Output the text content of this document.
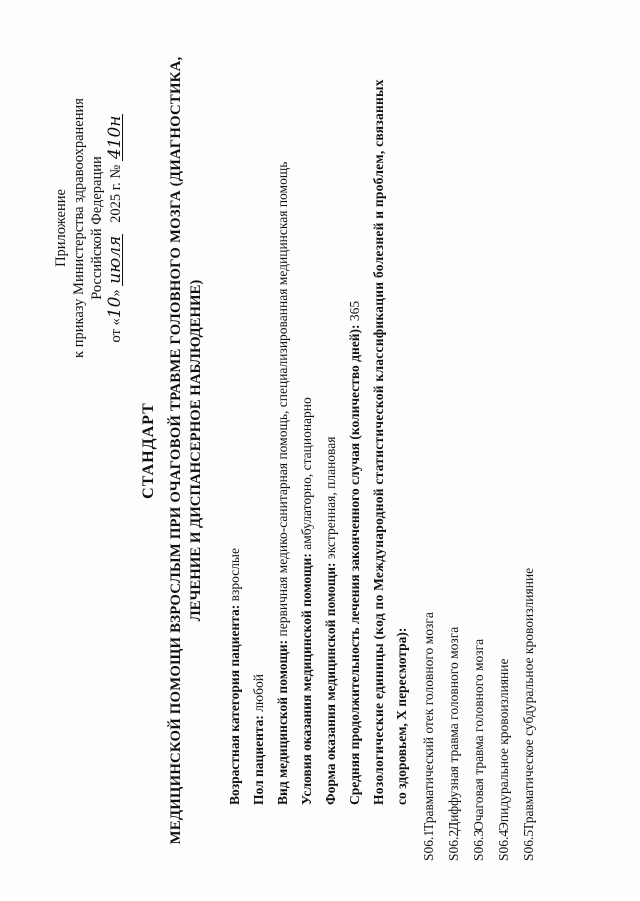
Приложение к приказу Министерства здравоохранения Российской Федерации
от «10» июля   2025 г. № 410н
СТАНДАРТ МЕДИЦИНСКОЙ ПОМОЩИ ВЗРОСЛЫМ ПРИ ОЧАГОВОЙ ТРАВМЕ ГОЛОВНОГО МОЗГА (ДИАГНОСТИКА, ЛЕЧЕНИЕ И ДИСПАНСЕРНОЕ НАБЛЮДЕНИЕ)
Возрастная категория пациента: взрослые
Пол пациента: любой Вид медицинской помощи: первичная медико-санитарная помощь, специализированная медицинская помощь
Условия оказания медицинской помощи: амбулаторно, стационарно
Форма оказания медицинской помощи: экстренная, плановая Средняя продолжительность лечения законченного случая (количество дней): 365 Нозологические единицы (код по Международной статистической классификации болезней и проблем, связанных со здоровьем, X пересмотра):
S06.1Травматический отек головного мозга
S06.2Диффузная травма головного мозга
S06.3Очаговая травма головного мозга
S06.4Эпидуральное кровоизлияние
S06.5Травматическое субдуральное кровоизлияние
